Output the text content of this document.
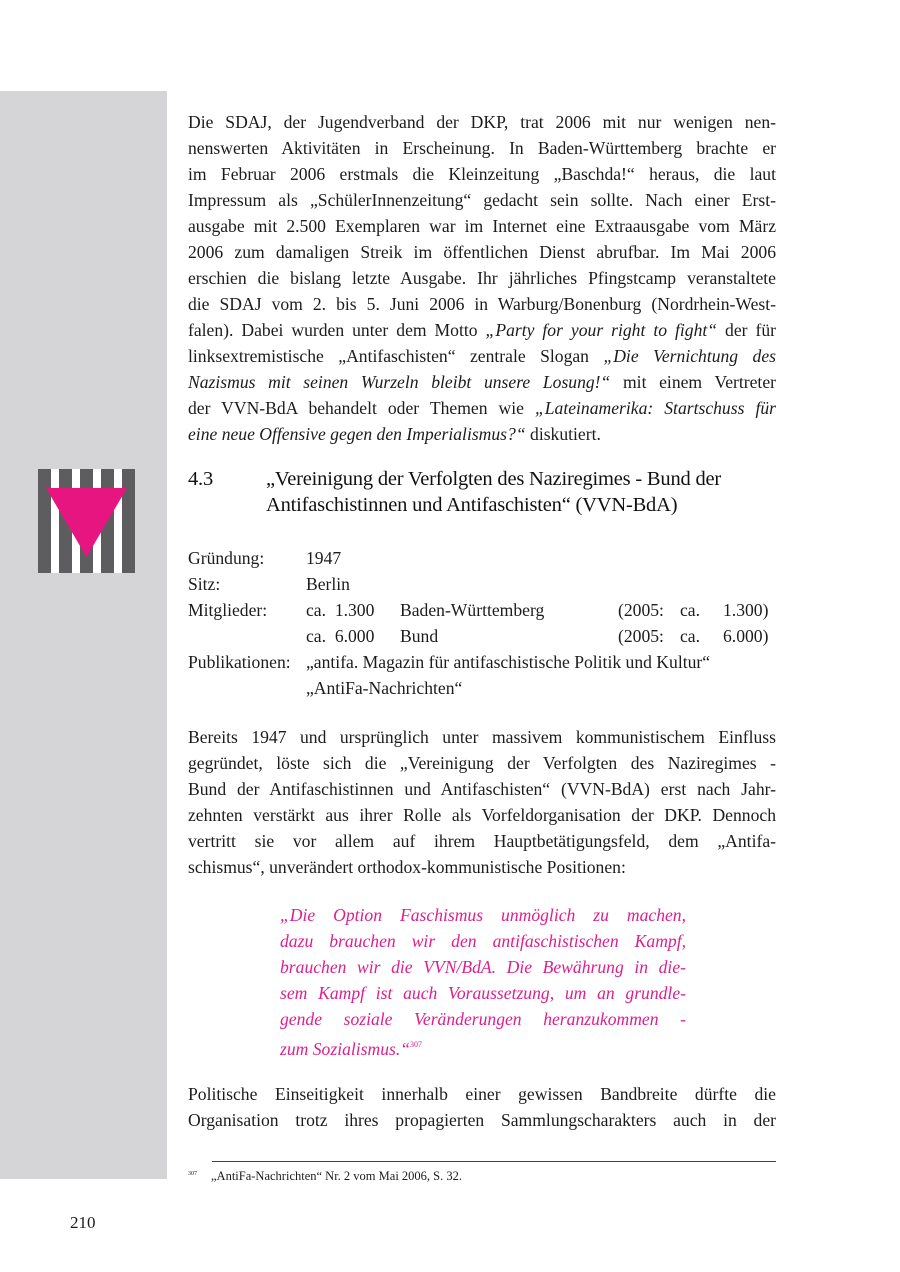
Die SDAJ, der Jugendverband der DKP, trat 2006 mit nur wenigen nen-
nenswerten Aktivitäten in Erscheinung. In Baden-Württemberg brachte er
im Februar 2006 erstmals die Kleinzeitung „Baschda!“ heraus, die laut
Impressum als „SchülerInnenzeitung“ gedacht sein sollte. Nach einer Erst-
ausgabe mit 2.500 Exemplaren war im Internet eine Extraausgabe vom März
2006 zum damaligen Streik im öffentlichen Dienst abrufbar. Im Mai 2006
erschien die bislang letzte Ausgabe. Ihr jährliches Pfingstcamp veranstaltete
die SDAJ vom 2. bis 5. Juni 2006 in Warburg/Bonenburg (Nordrhein-West-
falen). Dabei wurden unter dem Motto „Party for your right to fight“ der für
linksextremistische „Antifaschisten“ zentrale Slogan „Die Vernichtung des
Nazismus mit seinen Wurzeln bleibt unsere Losung!“ mit einem Vertreter
der VVN-BdA behandelt oder Themen wie „Lateinamerika: Startschuss für
eine neue Offensive gegen den Imperialismus?“ diskutiert.
4.3	„Vereinigung der Verfolgten des Naziregimes - Bund der
Antifaschistinnen und Antifaschisten“ (VVN-BdA)
Gründung: 1947
Sitz:	Berlin
Mitglieder: ca.  1.300 Baden-Württemberg	(2005: ca. 1.300)
ca.  6.000 Bund	(2005: ca. 6.000)
Publikationen: „antifa. Magazin für antifaschistische Politik und Kultur“
„AntiFa-Nachrichten“
Bereits 1947 und ursprünglich unter massivem kommunistischem Einfluss
gegründet, löste sich die „Vereinigung der Verfolgten des Naziregimes -
Bund der Antifaschistinnen und Antifaschisten“ (VVN-BdA) erst nach Jahr-
zehnten verstärkt aus ihrer Rolle als Vorfeldorganisation der DKP. Dennoch
vertritt sie vor allem auf ihrem Hauptbetätigungsfeld, dem „Antifa-
schismus“, unverändert orthodox-kommunistische Positionen:
„Die Option Faschismus unmöglich zu machen,
dazu brauchen wir den antifaschistischen Kampf,
brauchen wir die VVN/BdA. Die Bewährung in die-
sem Kampf ist auch Voraussetzung, um an grundle-
gende soziale Veränderungen heranzukommen -
zum Sozialismus.“$^{307}$
Politische Einseitigkeit innerhalb einer gewissen Bandbreite dürfte die
Organisation trotz ihres propagierten Sammlungscharakters auch in der
$^{307}$ „AntiFa-Nachrichten“ Nr. 2 vom Mai 2006, S. 32.
210
